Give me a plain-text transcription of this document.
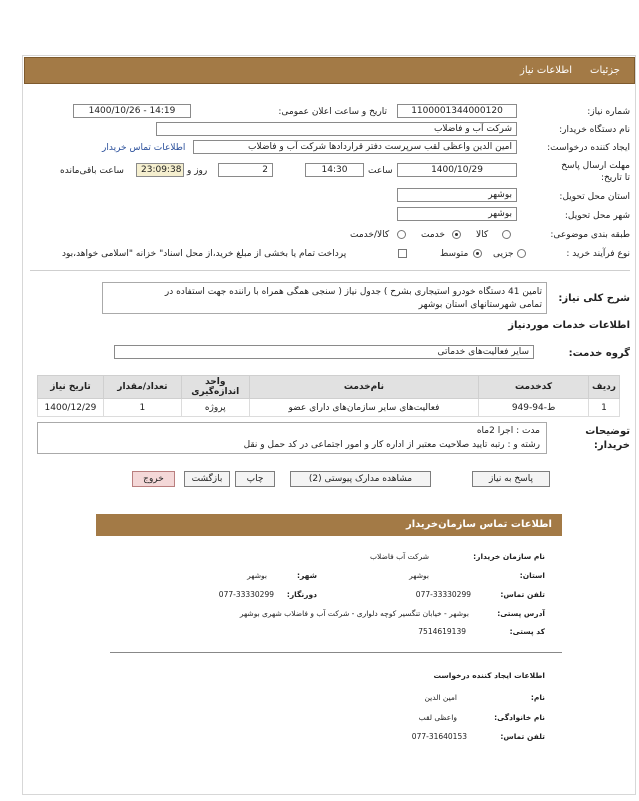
جزئیات
اطلاعات نیاز
شماره نیاز:
1100001344000120
تاریخ و ساعت اعلان عمومی:
1400/10/26 - 14:19
نام دستگاه خریدار:
شرکت آب و فاضلاب
ایجاد کننده درخواست:
امین الدین واعظی لقب سرپرست دفتر قراردادها شرکت آب و فاضلاب
اطلاعات تماس خریدار
مهلت ارسال پاسخ تا تاریخ:
1400/10/29
ساعت
14:30
2
روز و
23:09:38
ساعت باقی‌مانده
استان محل تحویل:
بوشهر
شهر محل تحویل:
بوشهر
طبقه بندی موضوعی:
کالا
خدمت
کالا/خدمت
نوع فرآیند خرید :
جزیی
متوسط
پرداخت تمام یا بخشی از مبلغ خرید،از محل اسناد" خزانه "اسلامی خواهد،بود
شرح کلی نیاز:
تامین 41 دستگاه خودرو استیجاری بشرح ) جدول نیاز ( سنجی همگی همراه با راننده جهت استفاده در
تمامی شهرستانهای استان بوشهر
اطلاعات خدمات موردنیاز
گروه خدمت:
سایر فعالیت‌های خدماتی
تاریخ نیاز	تعداد/مقدار	واحد اندازه‌گیری	نام‌خدمت	کدخدمت	ردیف
1400/12/29	1	پروژه	فعالیت‌های سایر سازمان‌های دارای عضو	ط-94-949	1
توضیحات خریدار:
مدت : اجرا 2ماه
رشته و : رتبه تایید صلاحیت معتبر از اداره کار و امور اجتماعی در کد حمل و نقل
پاسخ به نیاز
مشاهده مدارک پیوستی (2)
چاپ
بازگشت
خروج
اطلاعات تماس سازمان‌خریدار
نام سازمان خریدار:
شرکت آب فاضلاب
استان:
بوشهر
شهر:
بوشهر
تلفن تماس:
077-33330299
دورنگار:
077-33330299
آدرس پستی:
بوشهر - خیابان تنگسیر کوچه دلواری - شرکت آب و فاضلاب شهری بوشهر
کد پستی:
7514619139
اطلاعات ایجاد کننده درخواست
نام:
امین الدین
نام خانوادگی:
واعظی لقب
تلفن تماس:
077-31640153
